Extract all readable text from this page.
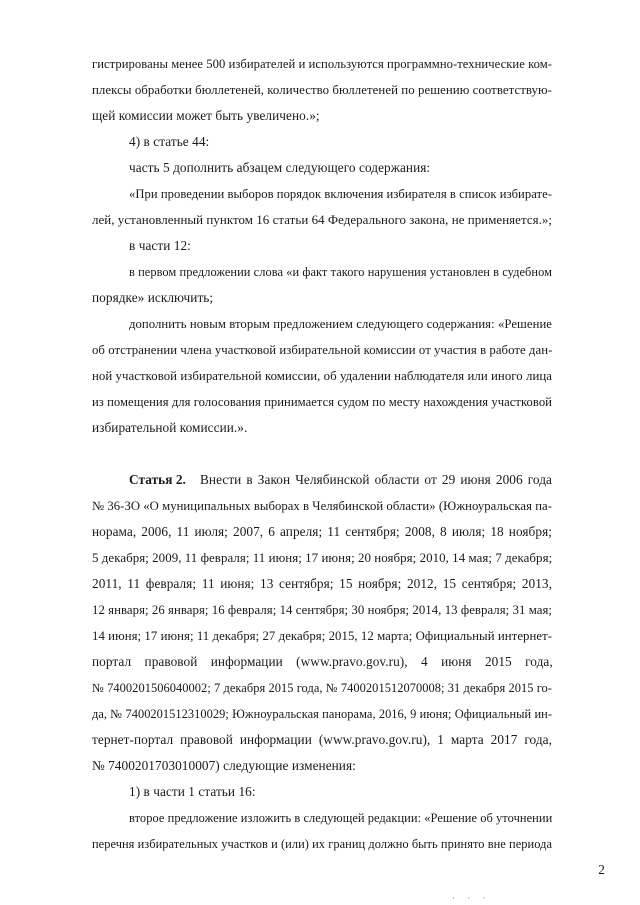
гистрированы менее 500 избирателей и используются программно-технические ком-
плексы обработки бюллетеней, количество бюллетеней по решению соответствую-
щей комиссии может быть увеличено.»;
4) в статье 44:
часть 5 дополнить абзацем следующего содержания:
«При проведении выборов порядок включения избирателя в список избирате-
лей, установленный пунктом 16 статьи 64 Федерального закона, не применяется.»;
в части 12:
в первом предложении слова «и факт такого нарушения установлен в судебном
порядке» исключить;
дополнить новым вторым предложением следующего содержания: «Решение
об отстранении члена участковой избирательной комиссии от участия в работе дан-
ной участковой избирательной комиссии, об удалении наблюдателя или иного лица
из помещения для голосования принимается судом по месту нахождения участковой
избирательной комиссии.».
Статья 2. Внести в Закон Челябинской области от 29 июня 2006 года
№ 36-ЗО «О муниципальных выборах в Челябинской области» (Южноуральская па-
норама, 2006, 11 июля; 2007, 6 апреля; 11 сентября; 2008, 8 июля; 18 ноября;
5 декабря; 2009, 11 февраля; 11 июня; 17 июня; 20 ноября; 2010, 14 мая; 7 декабря;
2011, 11 февраля; 11 июня; 13 сентября; 15 ноября; 2012, 15 сентября; 2013,
12 января; 26 января; 16 февраля; 14 сентября; 30 ноября; 2014, 13 февраля; 31 мая;
14 июня; 17 июня; 11 декабря; 27 декабря; 2015, 12 марта; Официальный интернет-
портал правовой информации (www.pravo.gov.ru), 4 июня 2015 года,
№ 7400201506040002; 7 декабря 2015 года, № 7400201512070008; 31 декабря 2015 го-
да, № 7400201512310029; Южноуральская панорама, 2016, 9 июня; Официальный ин-
тернет-портал правовой информации (www.pravo.gov.ru), 1 марта 2017 года,
№ 7400201703010007) следующие изменения:
1) в части 1 статьи 16:
второе предложение изложить в следующей редакции: «Решение об уточнении
перечня избирательных участков и (или) их границ должно быть принято вне периода
2
· · ·
